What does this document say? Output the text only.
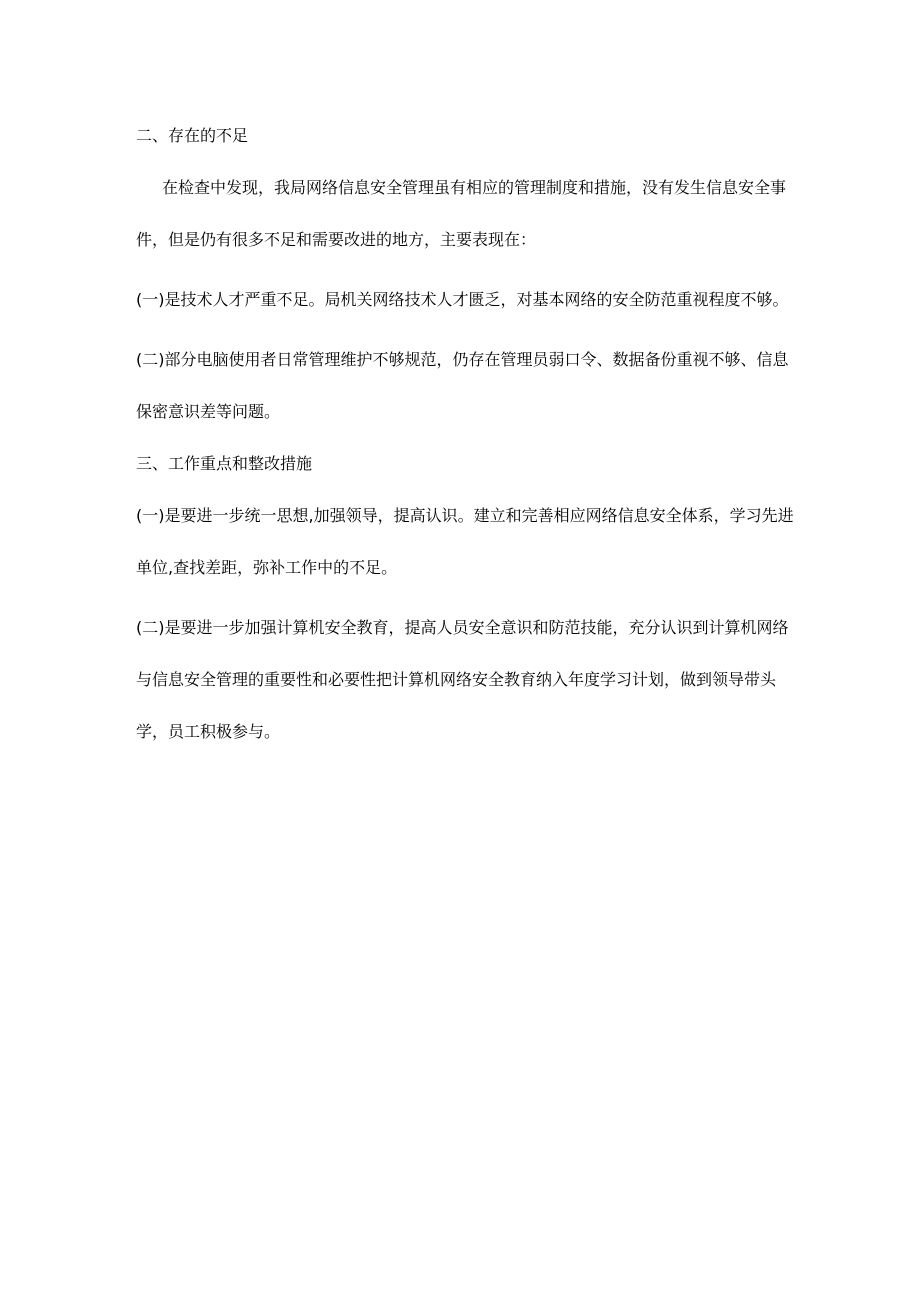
二、存在的不足

在检查中发现，我局网络信息安全管理虽有相应的管理制度和措施，没有发生信息安全事件，但是仍有很多不足和需要改进的地方，主要表现在：

(一)是技术人才严重不足。局机关网络技术人才匮乏，对基本网络的安全防范重视程度不够。

(二)部分电脑使用者日常管理维护不够规范，仍存在管理员弱口令、数据备份重视不够、信息保密意识差等问题。

三、工作重点和整改措施

(一)是要进一步统一思想,加强领导，提高认识。建立和完善相应网络信息安全体系，学习先进单位,查找差距，弥补工作中的不足。

(二)是要进一步加强计算机安全教育，提高人员安全意识和防范技能，充分认识到计算机网络与信息安全管理的重要性和必要性把计算机网络安全教育纳入年度学习计划，做到领导带头学，员工积极参与。
